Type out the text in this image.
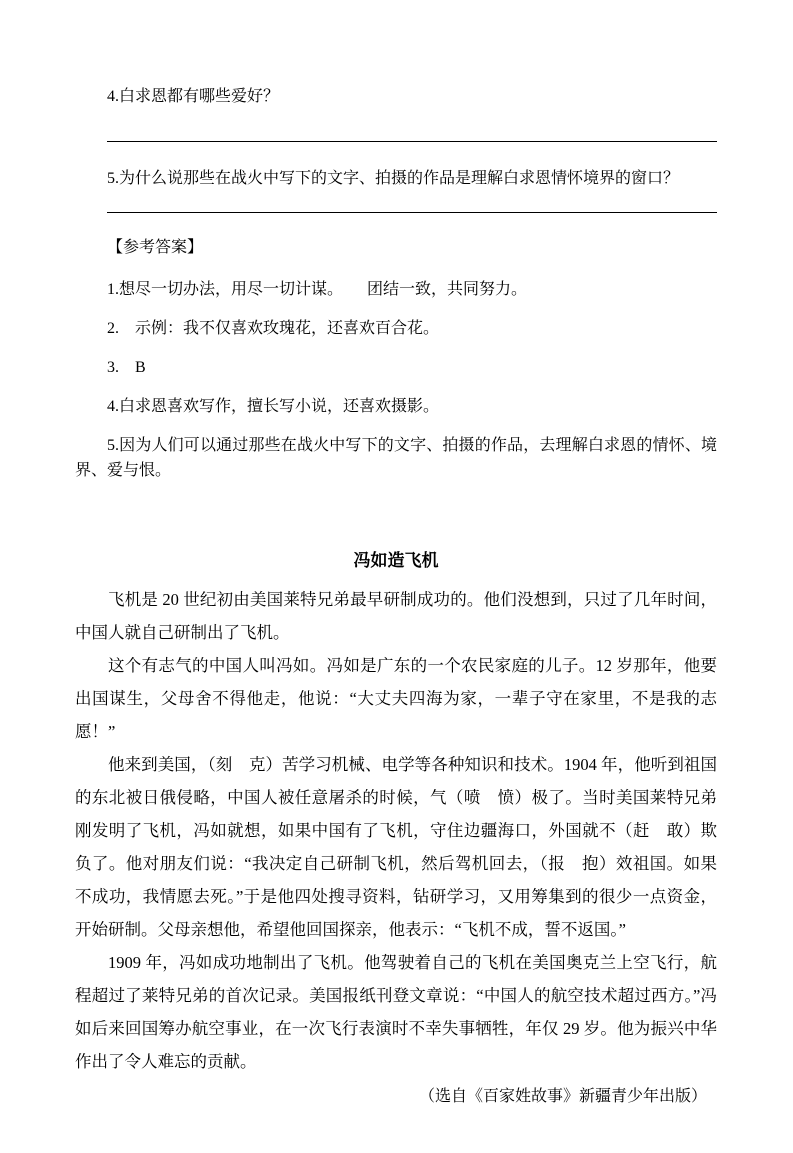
4.白求恩都有哪些爱好？

5.为什么说那些在战火中写下的文字、拍摄的作品是理解白求恩情怀境界的窗口？

【参考答案】

1.想尽一切办法，用尽一切计谋。　　团结一致，共同努力。

2.　示例：我不仅喜欢玫瑰花，还喜欢百合花。

3.　B

4.白求恩喜欢写作，擅长写小说，还喜欢摄影。

5.因为人们可以通过那些在战火中写下的文字、拍摄的作品，去理解白求恩的情怀、境界、爱与恨。

冯如造飞机

飞机是 20 世纪初由美国莱特兄弟最早研制成功的。他们没想到，只过了几年时间，中国人就自己研制出了飞机。

这个有志气的中国人叫冯如。冯如是广东的一个农民家庭的儿子。12 岁那年，他要出国谋生，父母舍不得他走，他说：“大丈夫四海为家，一辈子守在家里，不是我的志愿！”

他来到美国，（刻　克）苦学习机械、电学等各种知识和技术。1904 年，他听到祖国的东北被日俄侵略，中国人被任意屠杀的时候，气（喷　愤）极了。当时美国莱特兄弟刚发明了飞机，冯如就想，如果中国有了飞机，守住边疆海口，外国就不（赶　敢）欺负了。他对朋友们说：“我决定自己研制飞机，然后驾机回去，（报　抱）效祖国。如果不成功，我情愿去死。”于是他四处搜寻资料，钻研学习，又用筹集到的很少一点资金，开始研制。父母亲想他，希望他回国探亲，他表示：“飞机不成，誓不返国。”

1909 年，冯如成功地制出了飞机。他驾驶着自己的飞机在美国奥克兰上空飞行，航程超过了莱特兄弟的首次记录。美国报纸刊登文章说：“中国人的航空技术超过西方。”冯如后来回国筹办航空事业，在一次飞行表演时不幸失事牺牲，年仅 29 岁。他为振兴中华作出了令人难忘的贡献。

（选自《百家姓故事》新疆青少年出版）
